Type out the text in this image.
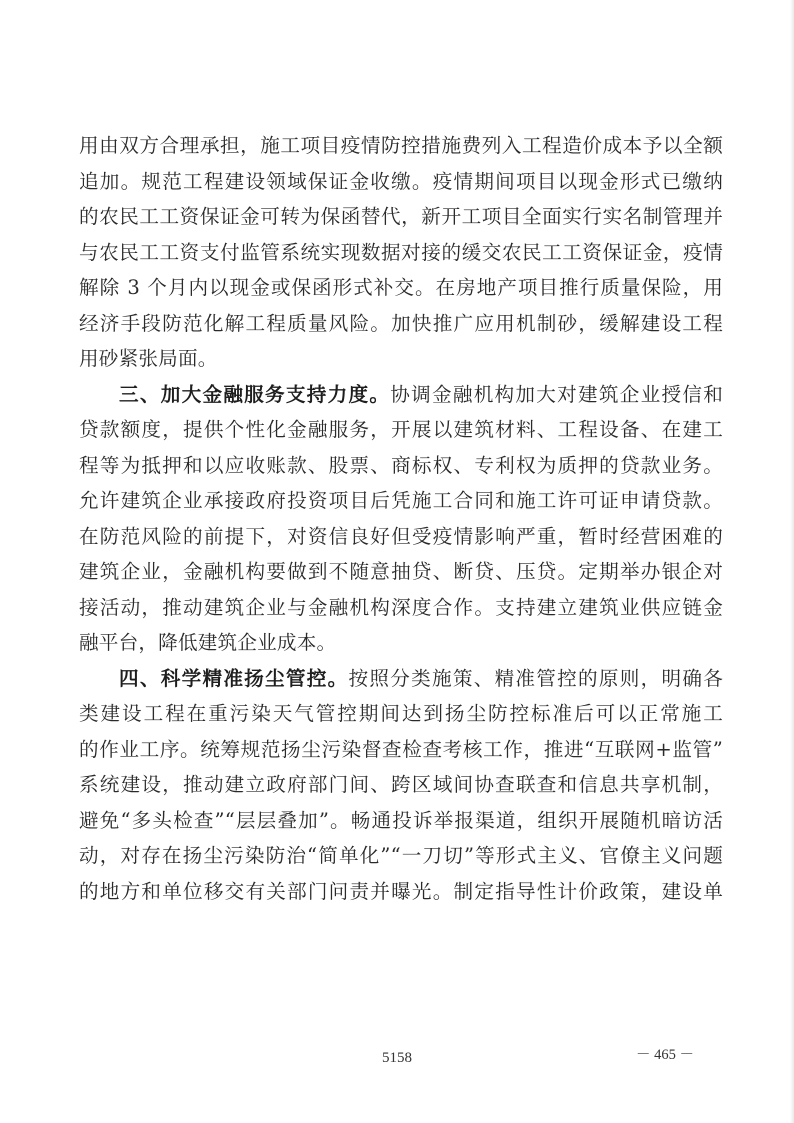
用由双方合理承担，施工项目疫情防控措施费列入工程造价成本予以全额
追加。规范工程建设领域保证金收缴。疫情期间项目以现金形式已缴纳
的农民工工资保证金可转为保函替代，新开工项目全面实行实名制管理并
与农民工工资支付监管系统实现数据对接的缓交农民工工资保证金，疫情
解除 3 个月内以现金或保函形式补交。在房地产项目推行质量保险，用
经济手段防范化解工程质量风险。加快推广应用机制砂，缓解建设工程
用砂紧张局面。
三、加大金融服务支持力度。协调金融机构加大对建筑企业授信和
贷款额度，提供个性化金融服务，开展以建筑材料、工程设备、在建工
程等为抵押和以应收账款、股票、商标权、专利权为质押的贷款业务。
允许建筑企业承接政府投资项目后凭施工合同和施工许可证申请贷款。
在防范风险的前提下，对资信良好但受疫情影响严重，暂时经营困难的
建筑企业，金融机构要做到不随意抽贷、断贷、压贷。定期举办银企对
接活动，推动建筑企业与金融机构深度合作。支持建立建筑业供应链金
融平台，降低建筑企业成本。
四、科学精准扬尘管控。按照分类施策、精准管控的原则，明确各
类建设工程在重污染天气管控期间达到扬尘防控标准后可以正常施工
的作业工序。统筹规范扬尘污染督查检查考核工作，推进“互联网+监管”
系统建设，推动建立政府部门间、跨区域间协查联查和信息共享机制，
避免“多头检查”“层层叠加”。畅通投诉举报渠道，组织开展随机暗访活
动，对存在扬尘污染防治“简单化”“一刀切”等形式主义、官僚主义问题
的地方和单位移交有关部门问责并曝光。制定指导性计价政策，建设单
5158	－ 465 －
